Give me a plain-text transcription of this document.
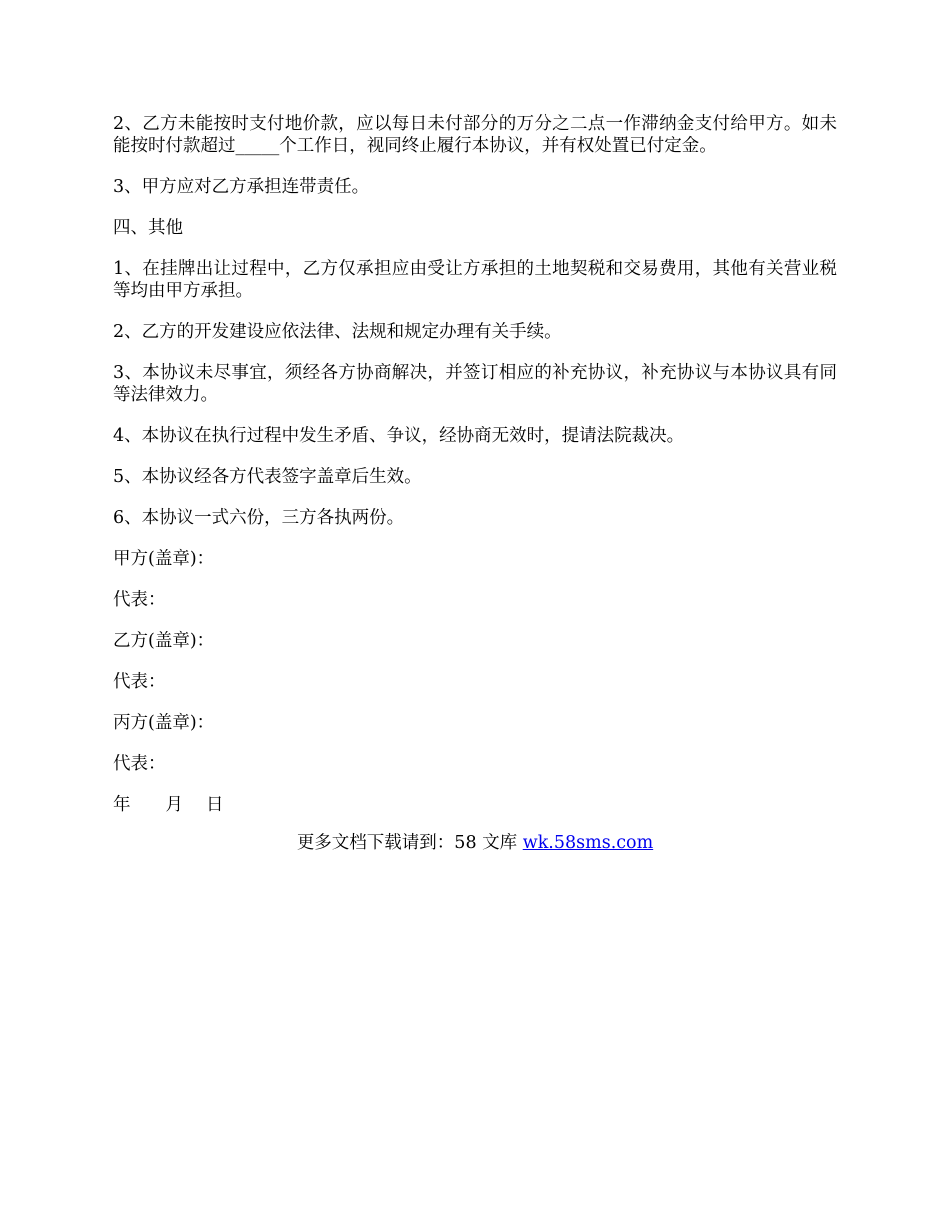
2、乙方未能按时支付地价款，应以每日未付部分的万分之二点一作滞纳金支付给甲方。如未能按时付款超过_____个工作日，视同终止履行本协议，并有权处置已付定金。

3、甲方应对乙方承担连带责任。

四、其他

1、在挂牌出让过程中，乙方仅承担应由受让方承担的土地契税和交易费用，其他有关营业税等均由甲方承担。

2、乙方的开发建设应依法律、法规和规定办理有关手续。

3、本协议未尽事宜，须经各方协商解决，并签订相应的补充协议，补充协议与本协议具有同等法律效力。

4、本协议在执行过程中发生矛盾、争议，经协商无效时，提请法院裁决。

5、本协议经各方代表签字盖章后生效。

6、本协议一式六份，三方各执两份。

甲方(盖章)：

代表：

乙方(盖章)：

代表：

丙方(盖章)：

代表：

年　　月　 日

更多文档下载请到：58 文库 wk.58sms.com
